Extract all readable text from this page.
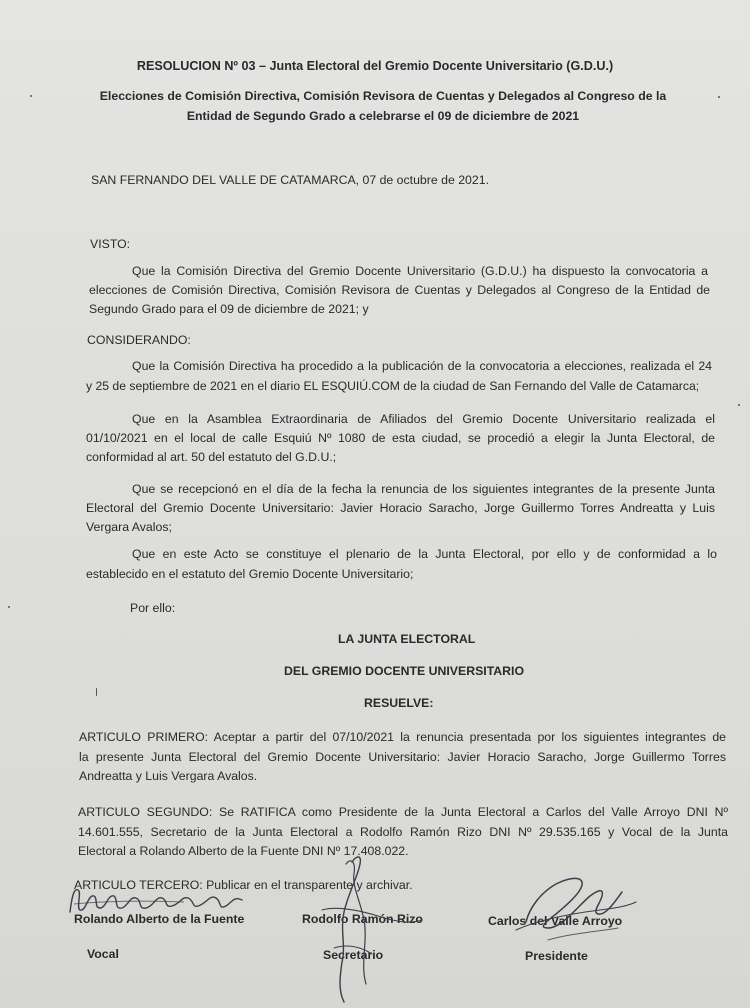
RESOLUCION Nº 03 – Junta Electoral del Gremio Docente Universitario (G.D.U.)
Elecciones de Comisión Directiva, Comisión Revisora de Cuentas y Delegados al Congreso de la
Entidad de Segundo Grado a celebrarse el 09 de diciembre de 2021
SAN FERNANDO DEL VALLE DE CATAMARCA, 07 de octubre de 2021.
VISTO:
Que la Comisión Directiva del Gremio Docente Universitario (G.D.U.) ha dispuesto la convocatoria a
elecciones de Comisión Directiva, Comisión Revisora de Cuentas y Delegados al Congreso de la Entidad de
Segundo Grado para el 09 de diciembre de 2021; y
CONSIDERANDO:
Que la Comisión Directiva ha procedido a la publicación de la convocatoria a elecciones, realizada el 24
y 25 de septiembre de 2021 en el diario EL ESQUIÚ.COM de la ciudad de San Fernando del Valle de Catamarca;
Que en la Asamblea Extraordinaria de Afiliados del Gremio Docente Universitario realizada el
01/10/2021 en el local de calle Esquiú Nº 1080 de esta ciudad, se procedió a elegir la Junta Electoral, de
conformidad al art. 50 del estatuto del G.D.U.;
Que se recepcionó en el día de la fecha la renuncia de los siguientes integrantes de la presente Junta
Electoral del Gremio Docente Universitario: Javier Horacio Saracho, Jorge Guillermo Torres Andreatta y Luis
Vergara Avalos;
Que en este Acto se constituye el plenario de la Junta Electoral, por ello y de conformidad a lo
establecido en el estatuto del Gremio Docente Universitario;
Por ello:
LA JUNTA ELECTORAL
DEL GREMIO DOCENTE UNIVERSITARIO
RESUELVE:
ARTICULO PRIMERO: Aceptar a partir del 07/10/2021 la renuncia presentada por los siguientes integrantes de
la presente Junta Electoral del Gremio Docente Universitario: Javier Horacio Saracho, Jorge Guillermo Torres
Andreatta y Luis Vergara Avalos.
ARTICULO SEGUNDO: Se RATIFICA como Presidente de la Junta Electoral a Carlos del Valle Arroyo DNI Nº
14.601.555, Secretario de la Junta Electoral a Rodolfo Ramón Rizo DNI Nº 29.535.165 y Vocal de la Junta
Electoral a Rolando Alberto de la Fuente DNI Nº 17.408.022.
ARTICULO TERCERO: Publicar en el transparente y archivar.
Rolando Alberto de la Fuente
Vocal
Rodolfo Ramón Rizo
Secretario
Carlos del Valle Arroyo
Presidente
